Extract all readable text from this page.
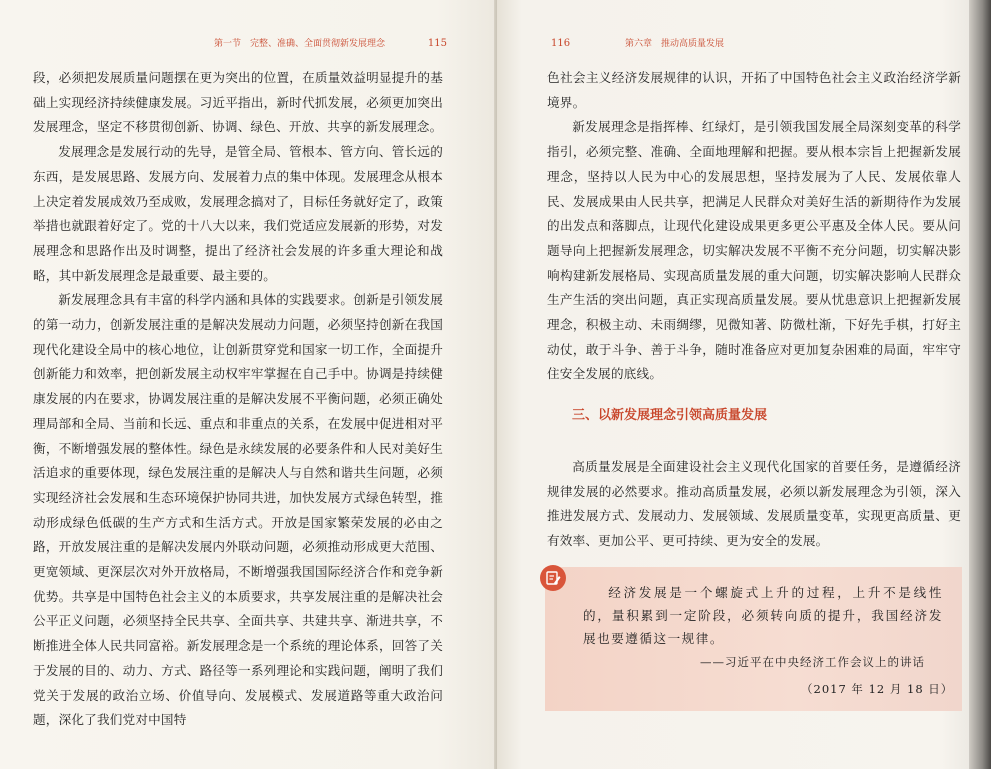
第一节　完整、准确、全面贯彻新发展理念	115

段，必须把发展质量问题摆在更为突出的位置，在质量效益明显提升的基础上实现经济持续健康发展。习近平指出，新时代抓发展，必须更加突出发展理念，坚定不移贯彻创新、协调、绿色、开放、共享的新发展理念。

发展理念是发展行动的先导，是管全局、管根本、管方向、管长远的东西，是发展思路、发展方向、发展着力点的集中体现。发展理念从根本上决定着发展成效乃至成败，发展理念搞对了，目标任务就好定了，政策举措也就跟着好定了。党的十八大以来，我们党适应发展新的形势，对发展理念和思路作出及时调整，提出了经济社会发展的许多重大理论和战略，其中新发展理念是最重要、最主要的。

新发展理念具有丰富的科学内涵和具体的实践要求。创新是引领发展的第一动力，创新发展注重的是解决发展动力问题，必须坚持创新在我国现代化建设全局中的核心地位，让创新贯穿党和国家一切工作，全面提升创新能力和效率，把创新发展主动权牢牢掌握在自己手中。协调是持续健康发展的内在要求，协调发展注重的是解决发展不平衡问题，必须正确处理局部和全局、当前和长远、重点和非重点的关系，在发展中促进相对平衡，不断增强发展的整体性。绿色是永续发展的必要条件和人民对美好生活追求的重要体现，绿色发展注重的是解决人与自然和谐共生问题，必须实现经济社会发展和生态环境保护协同共进，加快发展方式绿色转型，推动形成绿色低碳的生产方式和生活方式。开放是国家繁荣发展的必由之路，开放发展注重的是解决发展内外联动问题，必须推动形成更大范围、更宽领域、更深层次对外开放格局，不断增强我国国际经济合作和竞争新优势。共享是中国特色社会主义的本质要求，共享发展注重的是解决社会公平正义问题，必须坚持全民共享、全面共享、共建共享、渐进共享，不断推进全体人民共同富裕。新发展理念是一个系统的理论体系，回答了关于发展的目的、动力、方式、路径等一系列理论和实践问题，阐明了我们党关于发展的政治立场、价值导向、发展模式、发展道路等重大政治问题，深化了我们党对中国特

116	第六章　推动高质量发展

色社会主义经济发展规律的认识，开拓了中国特色社会主义政治经济学新境界。

新发展理念是指挥棒、红绿灯，是引领我国发展全局深刻变革的科学指引，必须完整、准确、全面地理解和把握。要从根本宗旨上把握新发展理念，坚持以人民为中心的发展思想，坚持发展为了人民、发展依靠人民、发展成果由人民共享，把满足人民群众对美好生活的新期待作为发展的出发点和落脚点，让现代化建设成果更多更公平惠及全体人民。要从问题导向上把握新发展理念，切实解决发展不平衡不充分问题，切实解决影响构建新发展格局、实现高质量发展的重大问题，切实解决影响人民群众生产生活的突出问题，真正实现高质量发展。要从忧患意识上把握新发展理念，积极主动、未雨绸缪，见微知著、防微杜渐，下好先手棋，打好主动仗，敢于斗争、善于斗争，随时准备应对更加复杂困难的局面，牢牢守住安全发展的底线。

三、以新发展理念引领高质量发展

高质量发展是全面建设社会主义现代化国家的首要任务，是遵循经济规律发展的必然要求。推动高质量发展，必须以新发展理念为引领，深入推进发展方式、发展动力、发展领域、发展质量变革，实现更高质量、更有效率、更加公平、更可持续、更为安全的发展。

经济发展是一个螺旋式上升的过程，上升不是线性的，量积累到一定阶段，必须转向质的提升，我国经济发展也要遵循这一规律。

——习近平在中央经济工作会议上的讲话
（2017 年 12 月 18 日）
